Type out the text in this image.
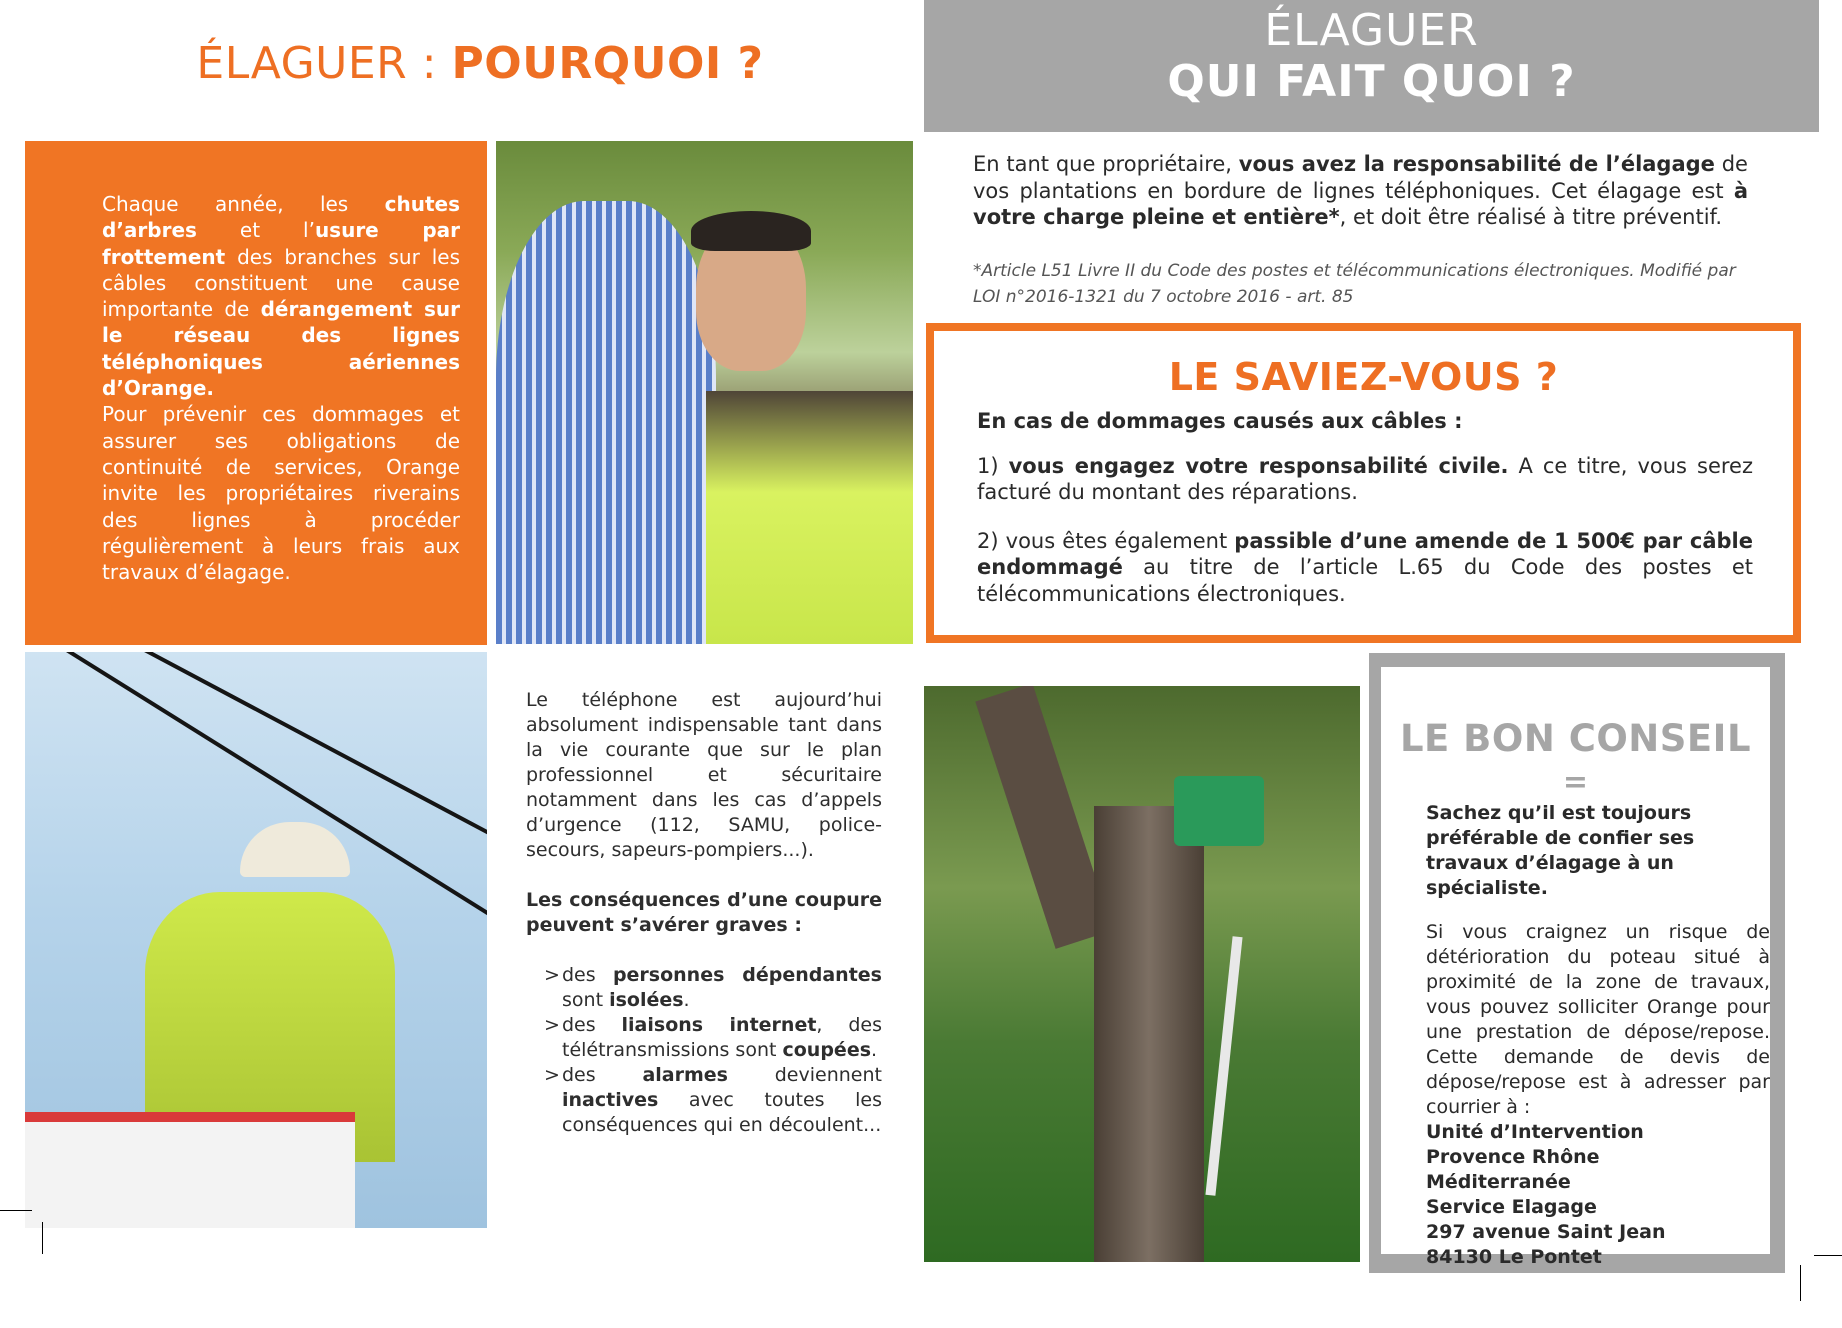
ÉLAGUER : POURQUOI ?
ÉLAGUER
QUI FAIT QUOI ?
Chaque année, les chutes d’arbres et l’usure par frottement des branches sur les câbles constituent une cause importante de dérangement sur le réseau des lignes téléphoniques aériennes d’Orange.
Pour prévenir ces dommages et assurer ses obligations de continuité de services, Orange invite les propriétaires riverains des lignes à procéder régulièrement à leurs frais aux travaux d’élagage.

Le téléphone est aujourd’hui absolument indispensable tant dans la vie courante que sur le plan professionnel et sécuritaire notamment dans les cas d’appels d’urgence (112, SAMU, police-secours, sapeurs-pompiers...).

Les conséquences d’une coupure peuvent s’avérer graves :

> des personnes dépendantes sont isolées.
> des liaisons internet, des télétransmissions sont coupées.
> des alarmes deviennent inactives avec toutes les conséquences qui en découlent...
En tant que propriétaire, vous avez la responsabilité de l’élagage de vos plantations en bordure de lignes téléphoniques. Cet élagage est à votre charge pleine et entière*, et doit être réalisé à titre préventif.
*Article L51 Livre II du Code des postes et télécommunications électroniques. Modifié par LOI n°2016-1321 du 7 octobre 2016 - art. 85
LE SAVIEZ-VOUS ?

En cas de dommages causés aux câbles :

1) vous engagez votre responsabilité civile. A ce titre, vous serez facturé du montant des réparations.

2) vous êtes également passible d’une amende de 1 500€ par câble endommagé au titre de l’article L.65 du Code des postes et télécommunications électroniques.

LE BON CONSEIL
=

Sachez qu’il est toujours préférable de confier ses travaux d’élagage à un spécialiste.

Si vous craignez un risque de détérioration du poteau situé à proximité de la zone de travaux, vous pouvez solliciter Orange pour une prestation de dépose/repose. Cette demande de devis de dépose/repose est à adresser par courrier à :

Unité d’Intervention
Provence Rhône
Méditerranée
Service Elagage
297 avenue Saint Jean
84130 Le Pontet
